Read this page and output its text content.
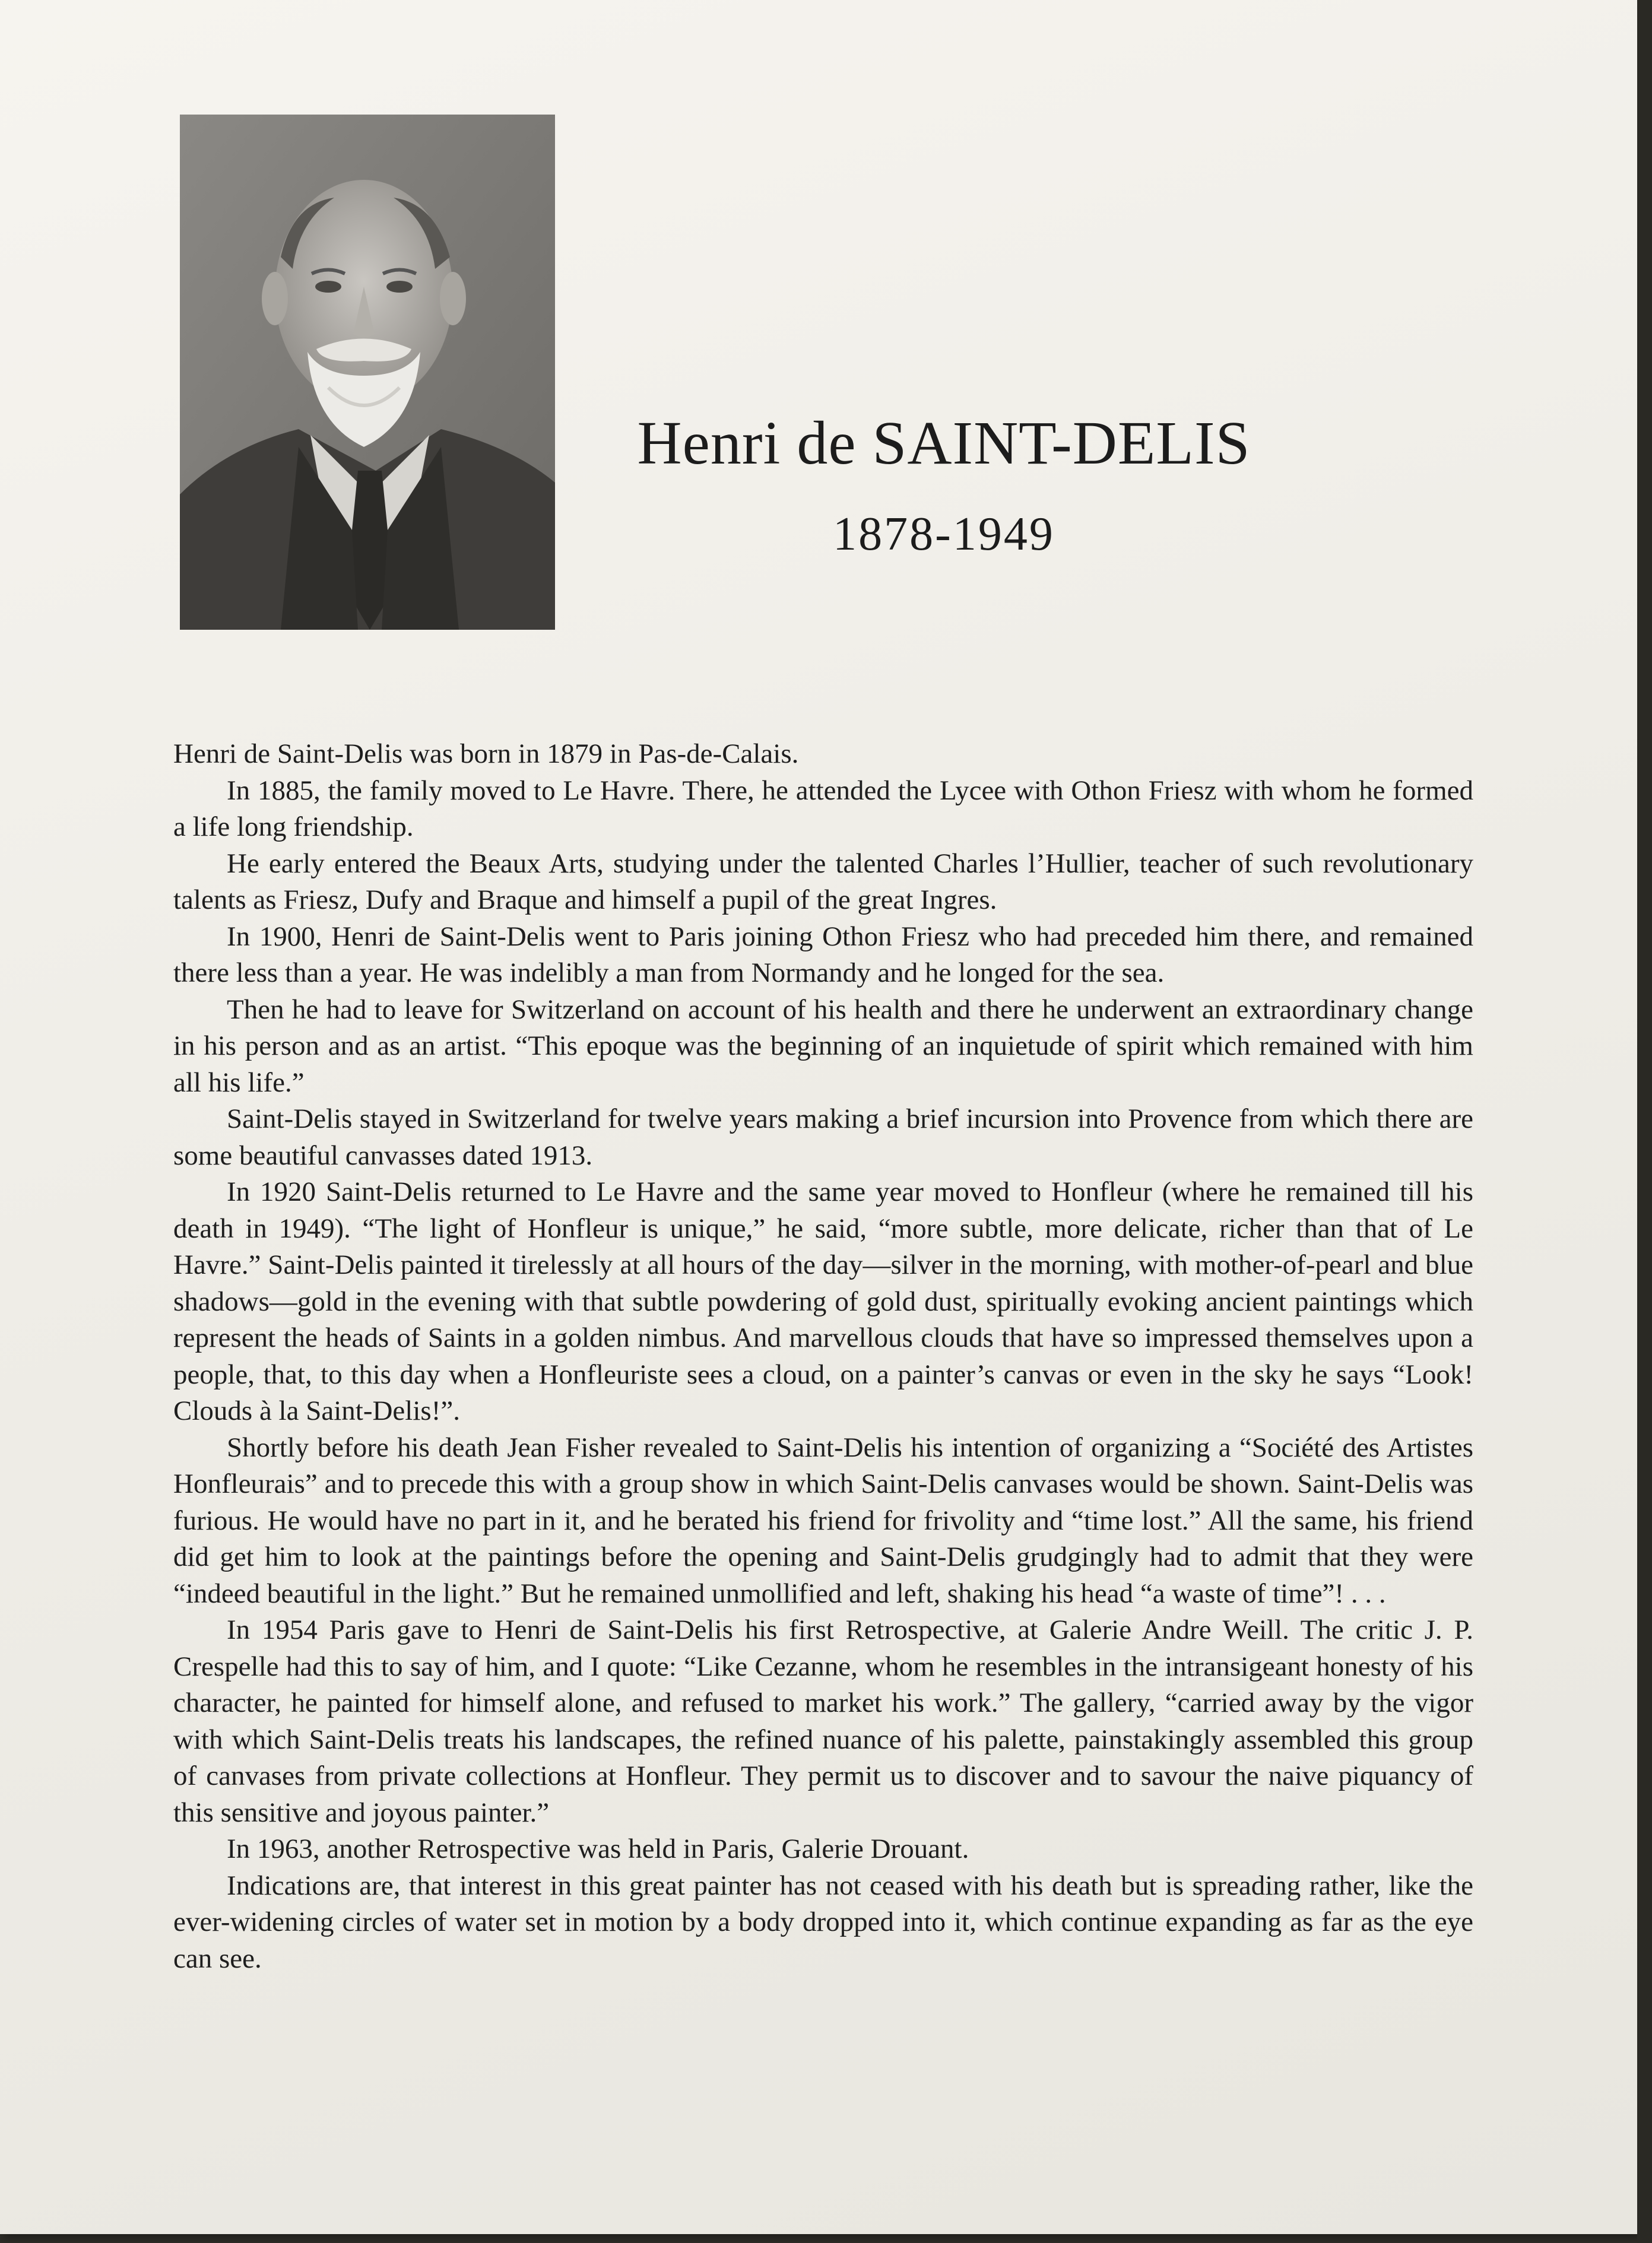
Henri de SAINT-DELIS
1878-1949

Henri de Saint-Delis was born in 1879 in Pas-de-Calais.

In 1885, the family moved to Le Havre. There, he attended the Lycee with Othon Friesz with whom he formed a life long friendship.

He early entered the Beaux Arts, studying under the talented Charles l’Hullier, teacher of such revolutionary talents as Friesz, Dufy and Braque and himself a pupil of the great Ingres.

In 1900, Henri de Saint-Delis went to Paris joining Othon Friesz who had preceded him there, and remained there less than a year. He was indelibly a man from Normandy and he longed for the sea.

Then he had to leave for Switzerland on account of his health and there he underwent an extraordinary change in his person and as an artist. “This epoque was the beginning of an inquietude of spirit which remained with him all his life.”

Saint-Delis stayed in Switzerland for twelve years making a brief incursion into Provence from which there are some beautiful canvasses dated 1913.

In 1920 Saint-Delis returned to Le Havre and the same year moved to Honfleur (where he remained till his death in 1949). “The light of Honfleur is unique,” he said, “more subtle, more delicate, richer than that of Le Havre.” Saint-Delis painted it tirelessly at all hours of the day—silver in the morning, with mother-of-pearl and blue shadows—gold in the evening with that subtle powdering of gold dust, spiritually evoking ancient paintings which represent the heads of Saints in a golden nimbus. And marvellous clouds that have so impressed themselves upon a people, that, to this day when a Honfleuriste sees a cloud, on a painter’s canvas or even in the sky he says “Look! Clouds à la Saint-Delis!”.

Shortly before his death Jean Fisher revealed to Saint-Delis his intention of organizing a “Société des Artistes Honfleurais” and to precede this with a group show in which Saint-Delis canvases would be shown. Saint-Delis was furious. He would have no part in it, and he berated his friend for frivolity and “time lost.” All the same, his friend did get him to look at the paintings before the opening and Saint-Delis grudgingly had to admit that they were “indeed beautiful in the light.” But he remained unmollified and left, shaking his head “a waste of time”! . . .

In 1954 Paris gave to Henri de Saint-Delis his first Retrospective, at Galerie Andre Weill. The critic J. P. Crespelle had this to say of him, and I quote: “Like Cezanne, whom he resembles in the intransigeant honesty of his character, he painted for himself alone, and refused to market his work.” The gallery, “carried away by the vigor with which Saint-Delis treats his landscapes, the refined nuance of his palette, painstakingly assembled this group of canvases from private collections at Honfleur. They permit us to discover and to savour the naive piquancy of this sensitive and joyous painter.”

In 1963, another Retrospective was held in Paris, Galerie Drouant.

Indications are, that interest in this great painter has not ceased with his death but is spreading rather, like the ever-widening circles of water set in motion by a body dropped into it, which continue expanding as far as the eye can see.
